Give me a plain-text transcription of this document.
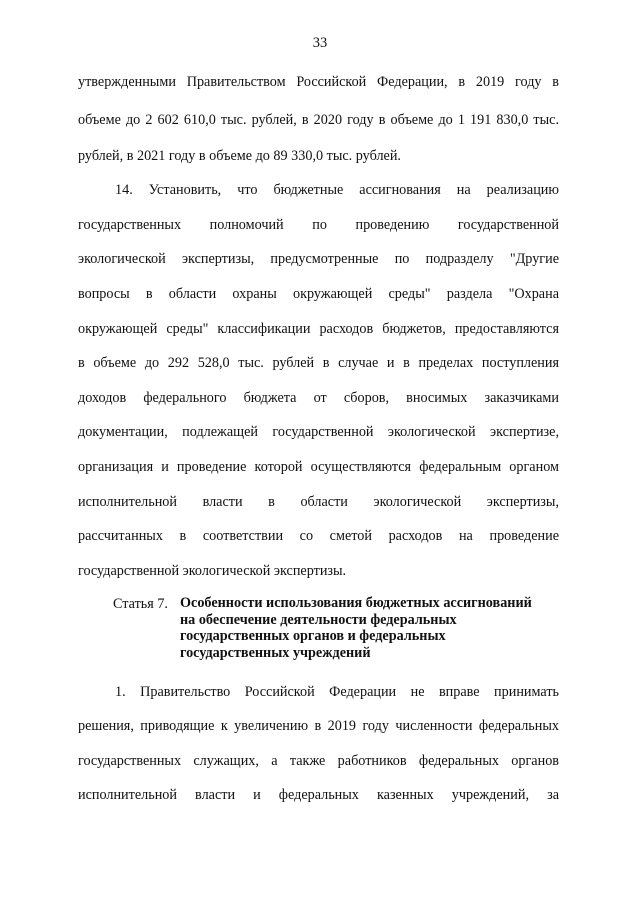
33
утвержденными Правительством Российской Федерации, в 2019 году в
объеме до 2 602 610,0 тыс. рублей, в 2020 году в объеме до 1 191 830,0 тыс.
рублей, в 2021 году в объеме до 89 330,0 тыс. рублей.
14. Установить, что бюджетные ассигнования на реализацию
государственных полномочий по проведению государственной
экологической экспертизы, предусмотренные по подразделу "Другие
вопросы в области охраны окружающей среды" раздела "Охрана
окружающей среды" классификации расходов бюджетов, предоставляются
в объеме до 292 528,0 тыс. рублей в случае и в пределах поступления
доходов федерального бюджета от сборов, вносимых заказчиками
документации, подлежащей государственной экологической экспертизе,
организация и проведение которой осуществляются федеральным органом
исполнительной власти в области экологической экспертизы,
рассчитанных в соответствии со сметой расходов на проведение
государственной экологической экспертизы.
Статья 7. Особенности использования бюджетных ассигнований
на обеспечение деятельности федеральных
государственных органов и федеральных
государственных учреждений
1. Правительство Российской Федерации не вправе принимать
решения, приводящие к увеличению в 2019 году численности федеральных
государственных служащих, а также работников федеральных органов
исполнительной власти и федеральных казенных учреждений, за
